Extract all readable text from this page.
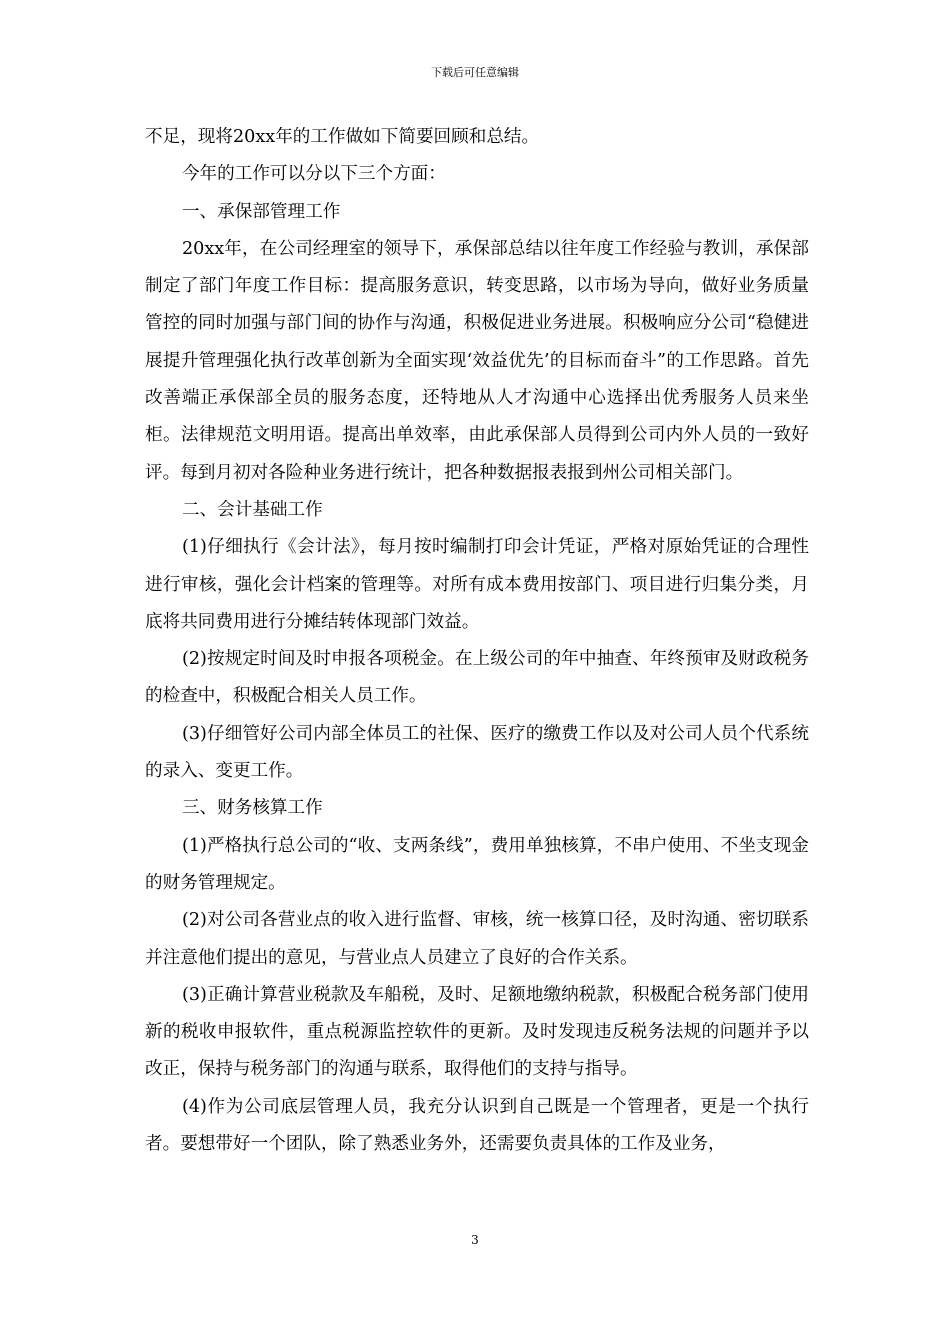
下载后可任意编辑

不足，现将20xx年的工作做如下简要回顾和总结。

今年的工作可以分以下三个方面：

一、承保部管理工作

20xx年，在公司经理室的领导下，承保部总结以往年度工作经验与教训，承保部制定了部门年度工作目标：提高服务意识，转变思路，以市场为导向，做好业务质量管控的同时加强与部门间的协作与沟通，积极促进业务进展。积极响应分公司“稳健进展提升管理强化执行改革创新为全面实现‘效益优先’的目标而奋斗”的工作思路。首先改善端正承保部全员的服务态度，还特地从人才沟通中心选择出优秀服务人员来坐柜。法律规范文明用语。提高出单效率，由此承保部人员得到公司内外人员的一致好评。每到月初对各险种业务进行统计，把各种数据报表报到州公司相关部门。

二、会计基础工作

(1)仔细执行《会计法》，每月按时编制打印会计凭证，严格对原始凭证的合理性进行审核，强化会计档案的管理等。对所有成本费用按部门、项目进行归集分类，月底将共同费用进行分摊结转体现部门效益。

(2)按规定时间及时申报各项税金。在上级公司的年中抽查、年终预审及财政税务的检查中，积极配合相关人员工作。

(3)仔细管好公司内部全体员工的社保、医疗的缴费工作以及对公司人员个代系统的录入、变更工作。

三、财务核算工作

(1)严格执行总公司的“收、支两条线”，费用单独核算，不串户使用、不坐支现金的财务管理规定。

(2)对公司各营业点的收入进行监督、审核，统一核算口径，及时沟通、密切联系并注意他们提出的意见，与营业点人员建立了良好的合作关系。

(3)正确计算营业税款及车船税，及时、足额地缴纳税款，积极配合税务部门使用新的税收申报软件，重点税源监控软件的更新。及时发现违反税务法规的问题并予以改正，保持与税务部门的沟通与联系，取得他们的支持与指导。

(4)作为公司底层管理人员，我充分认识到自己既是一个管理者，更是一个执行者。要想带好一个团队，除了熟悉业务外，还需要负责具体的工作及业务，

3
